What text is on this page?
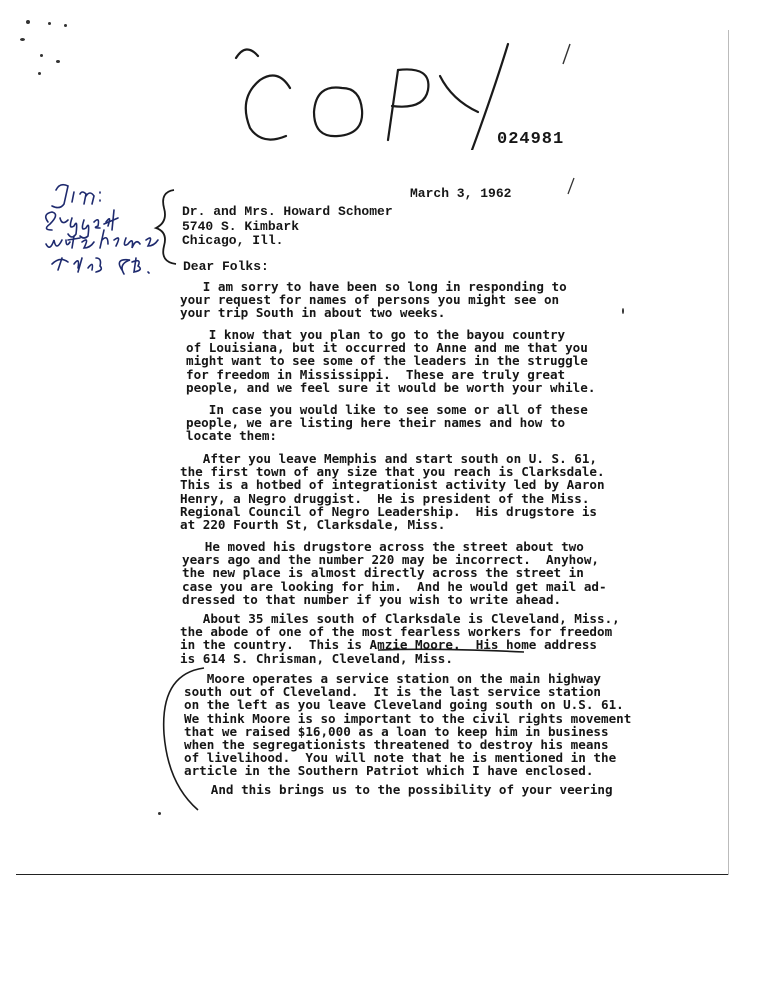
024981
March 3, 1962
Dr. and Mrs. Howard Schomer
5740 S. Kimbark
Chicago, Ill.
Dear Folks:
I am sorry to have been so long in responding to
your request for names of persons you might see on
your trip South in about two weeks.
I know that you plan to go to the bayou country
of Louisiana, but it occurred to Anne and me that you
might want to see some of the leaders in the struggle
for freedom in Mississippi.  These are truly great
people, and we feel sure it would be worth your while.
In case you would like to see some or all of these
people, we are listing here their names and how to
locate them:
After you leave Memphis and start south on U. S. 61,
the first town of any size that you reach is Clarksdale.
This is a hotbed of integrationist activity led by Aaron
Henry, a Negro druggist.  He is president of the Miss.
Regional Council of Negro Leadership.  His drugstore is
at 220 Fourth St, Clarksdale, Miss.
He moved his drugstore across the street about two
years ago and the number 220 may be incorrect.  Anyhow,
the new place is almost directly across the street in
case you are looking for him.  And he would get mail ad-
dressed to that number if you wish to write ahead.
About 35 miles south of Clarksdale is Cleveland, Miss.,
the abode of one of the most fearless workers for freedom
in the country.  This is Amzie Moore.  His home address
is 614 S. Chrisman, Cleveland, Miss.
Moore operates a service station on the main highway
south out of Cleveland.  It is the last service station
on the left as you leave Cleveland going south on U.S. 61.
We think Moore is so important to the civil rights movement
that we raised $16,000 as a loan to keep him in business
when the segregationists threatened to destroy his means
of livelihood.  You will note that he is mentioned in the
article in the Southern Patriot which I have enclosed.
And this brings us to the possibility of your veering
